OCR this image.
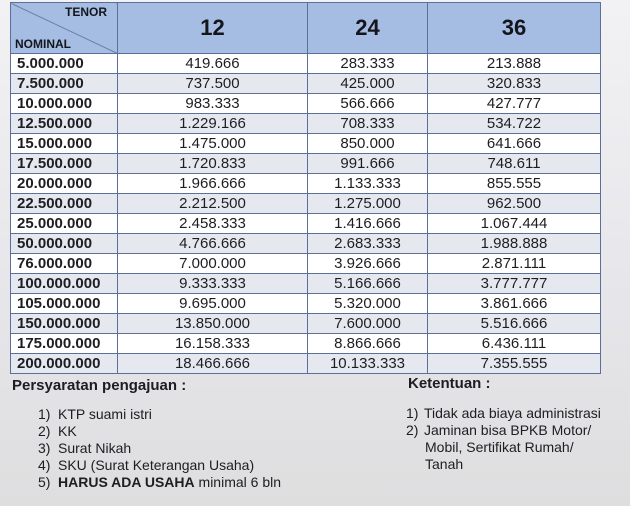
TENOR
NOMINAL	12	24	36
5.000.000	419.666	283.333	213.888
7.500.000	737.500	425.000	320.833
10.000.000	983.333	566.666	427.777
12.500.000	1.229.166	708.333	534.722
15.000.000	1.475.000	850.000	641.666
17.500.000	1.720.833	991.666	748.611
20.000.000	1.966.666	1.133.333	855.555
22.500.000	2.212.500	1.275.000	962.500
25.000.000	2.458.333	1.416.666	1.067.444
50.000.000	4.766.666	2.683.333	1.988.888
76.000.000	7.000.000	3.926.666	2.871.111
100.000.000	9.333.333	5.166.666	3.777.777
105.000.000	9.695.000	5.320.000	3.861.666
150.000.000	13.850.000	7.600.000	5.516.666
175.000.000	16.158.333	8.866.666	6.436.111
200.000.000	18.466.666	10.133.333	7.355.555
Persyaratan pengajuan :
1) KTP suami istri
2) KK
3) Surat Nikah
4) SKU (Surat Keterangan Usaha)
5) HARUS ADA USAHA minimal 6 bln
Ketentuan :
1) Tidak ada biaya administrasi
2) Jaminan bisa BPKB Motor/
Mobil, Sertifikat Rumah/
Tanah
